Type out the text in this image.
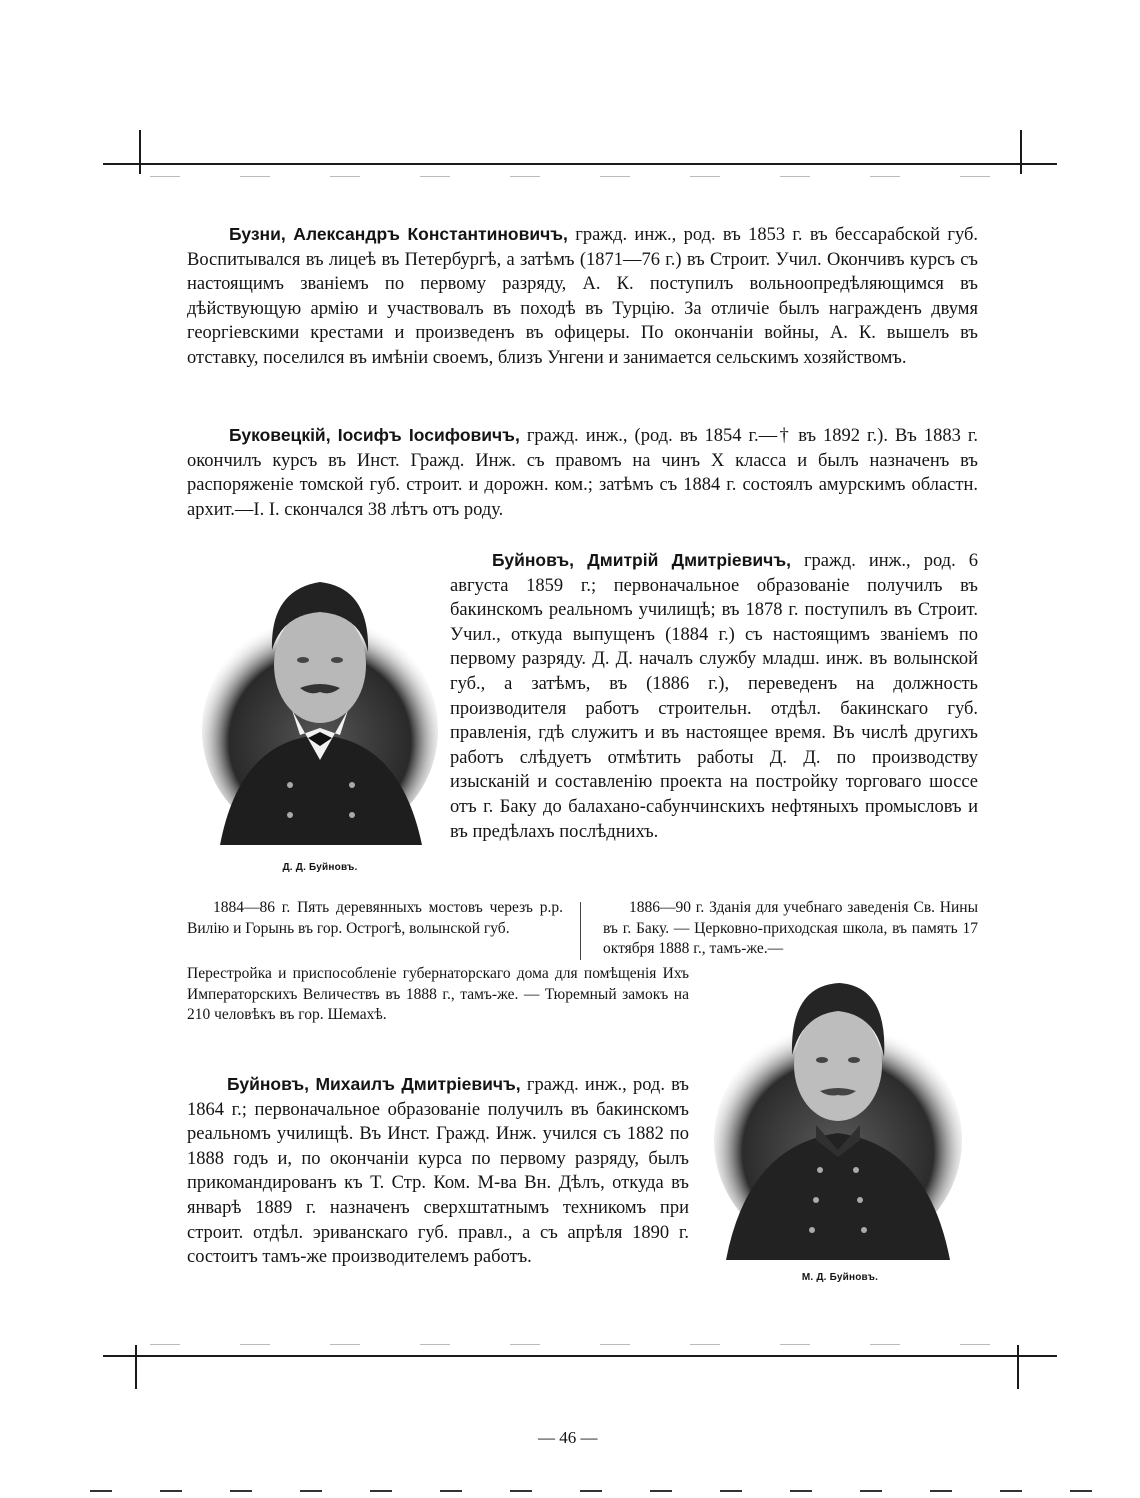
Бузни, Александръ Константиновичъ, гражд. инж., род. въ 1853 г. въ бессарабской губ. Воспитывался въ лицеѣ въ Петербургѣ, а затѣмъ (1871—76 г.) въ Строит. Учил. Окончивъ курсъ съ настоящимъ званіемъ по первому разряду, А. К. поступилъ вольноопредѣляющимся въ дѣйствующую армію и участвовалъ въ походѣ въ Турцію. За отличіе былъ награжденъ двумя георгіевскими крестами и произведенъ въ офицеры. По окончаніи войны, А. К. вышелъ въ отставку, поселился въ имѣніи своемъ, близъ Унгени и занимается сельскимъ хозяйствомъ.

Буковецкій, Іосифъ Іосифовичъ, гражд. инж., (род. въ 1854 г.—† въ 1892 г.). Въ 1883 г. окончилъ курсъ въ Инст. Гражд. Инж. съ правомъ на чинъ X класса и былъ назначенъ въ распоряженіе томской губ. строит. и дорожн. ком.; затѣмъ съ 1884 г. состоялъ амурскимъ областн. архит.—І. І. скончался 38 лѣтъ отъ роду.

Д. Д. Буйновъ.

Буйновъ, Дмитрій Дмитріевичъ, гражд. инж., род. 6 августа 1859 г.; первоначальное образованіе получилъ въ бакинскомъ реальномъ училищѣ; въ 1878 г. поступилъ въ Строит. Учил., откуда выпущенъ (1884 г.) съ настоящимъ званіемъ по первому разряду. Д. Д. началъ службу младш. инж. въ волынской губ., а затѣмъ, въ (1886 г.), переведенъ на должность производителя работъ строительн. отдѣл. бакинскаго губ. правленія, гдѣ служитъ и въ настоящее время. Въ числѣ другихъ работъ слѣдуетъ отмѣтить работы Д. Д. по производству изысканій и составленію проекта на постройку торговаго шоссе отъ г. Баку до балахано-сабунчинскихъ нефтяныхъ промысловъ и въ предѣлахъ послѣднихъ.

1884—86 г. Пять деревянныхъ мостовъ черезъ р.р. Вилію и Горынь въ гор. Острогѣ, волынской губ.

1886—90 г. Зданія для учебнаго заведенія Св. Нины въ г. Баку. — Церковно-приходская школа, въ память 17 октября 1888 г., тамъ-же.—

Перестройка и приспособленіе губернаторскаго дома для помѣщенія Ихъ Императорскихъ Величествъ въ 1888 г., тамъ-же. — Тюремный замокъ на 210 человѣкъ въ гор. Шемахѣ.

Буйновъ, Михаилъ Дмитріевичъ, гражд. инж., род. въ 1864 г.; первоначальное образованіе получилъ въ бакинскомъ реальномъ училищѣ. Въ Инст. Гражд. Инж. учился съ 1882 по 1888 годъ и, по окончаніи курса по первому разряду, былъ прикомандированъ къ Т. Стр. Ком. М-ва Вн. Дѣлъ, откуда въ январѣ 1889 г. назначенъ сверхштатнымъ техникомъ при строит. отдѣл. эриванскаго губ. правл., а съ апрѣля 1890 г. состоитъ тамъ-же производителемъ работъ.

М. Д. Буйновъ.
— 46 —
